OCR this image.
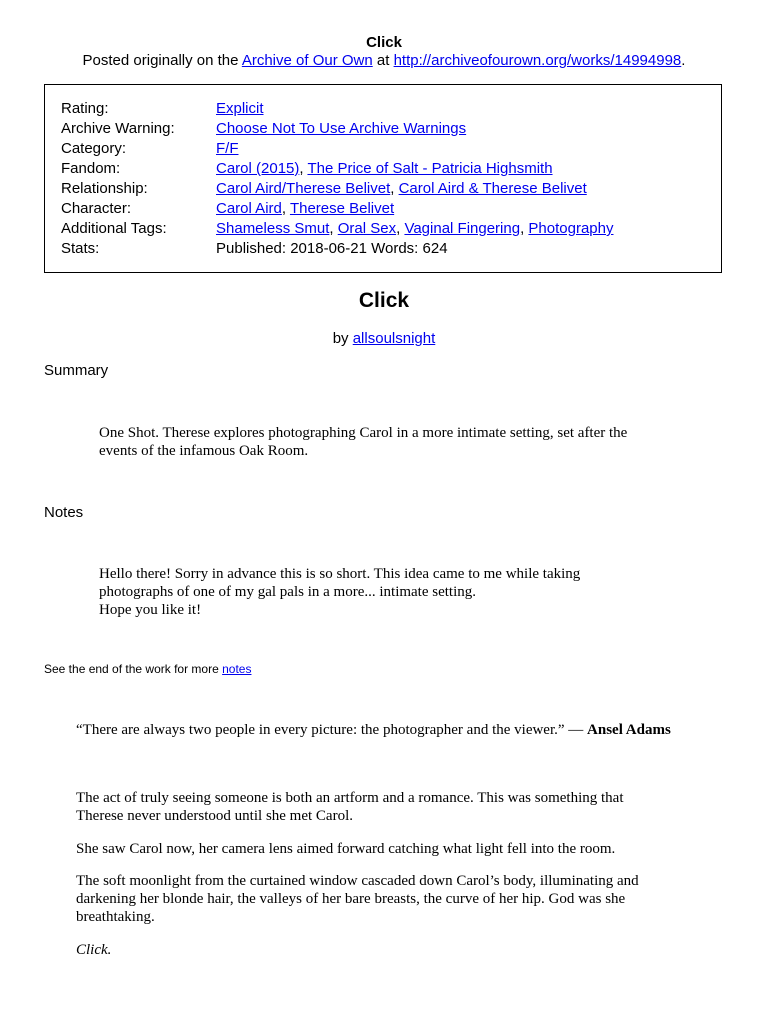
Click
Posted originally on the Archive of Our Own at http://archiveofourown.org/works/14994998.
Rating:	Explicit
Archive Warning:	Choose Not To Use Archive Warnings
Category:	F/F
Fandom:	Carol (2015), The Price of Salt - Patricia Highsmith
Relationship:	Carol Aird/Therese Belivet, Carol Aird & Therese Belivet
Character:	Carol Aird, Therese Belivet
Additional Tags:	Shameless Smut, Oral Sex, Vaginal Fingering, Photography
Stats:	Published: 2018-06-21 Words: 624
Click
by allsoulsnight
Summary
One Shot. Therese explores photographing Carol in a more intimate setting, set after the
events of the infamous Oak Room.
Notes
Hello there! Sorry in advance this is so short. This idea came to me while taking
photographs of one of my gal pals in a more... intimate setting.
Hope you like it!
See the end of the work for more notes
“There are always two people in every picture: the photographer and the viewer.” — Ansel Adams
The act of truly seeing someone is both an artform and a romance. This was something that
Therese never understood until she met Carol.
She saw Carol now, her camera lens aimed forward catching what light fell into the room.
The soft moonlight from the curtained window cascaded down Carol’s body, illuminating and
darkening her blonde hair, the valleys of her bare breasts, the curve of her hip. God was she
breathtaking.
Click.
